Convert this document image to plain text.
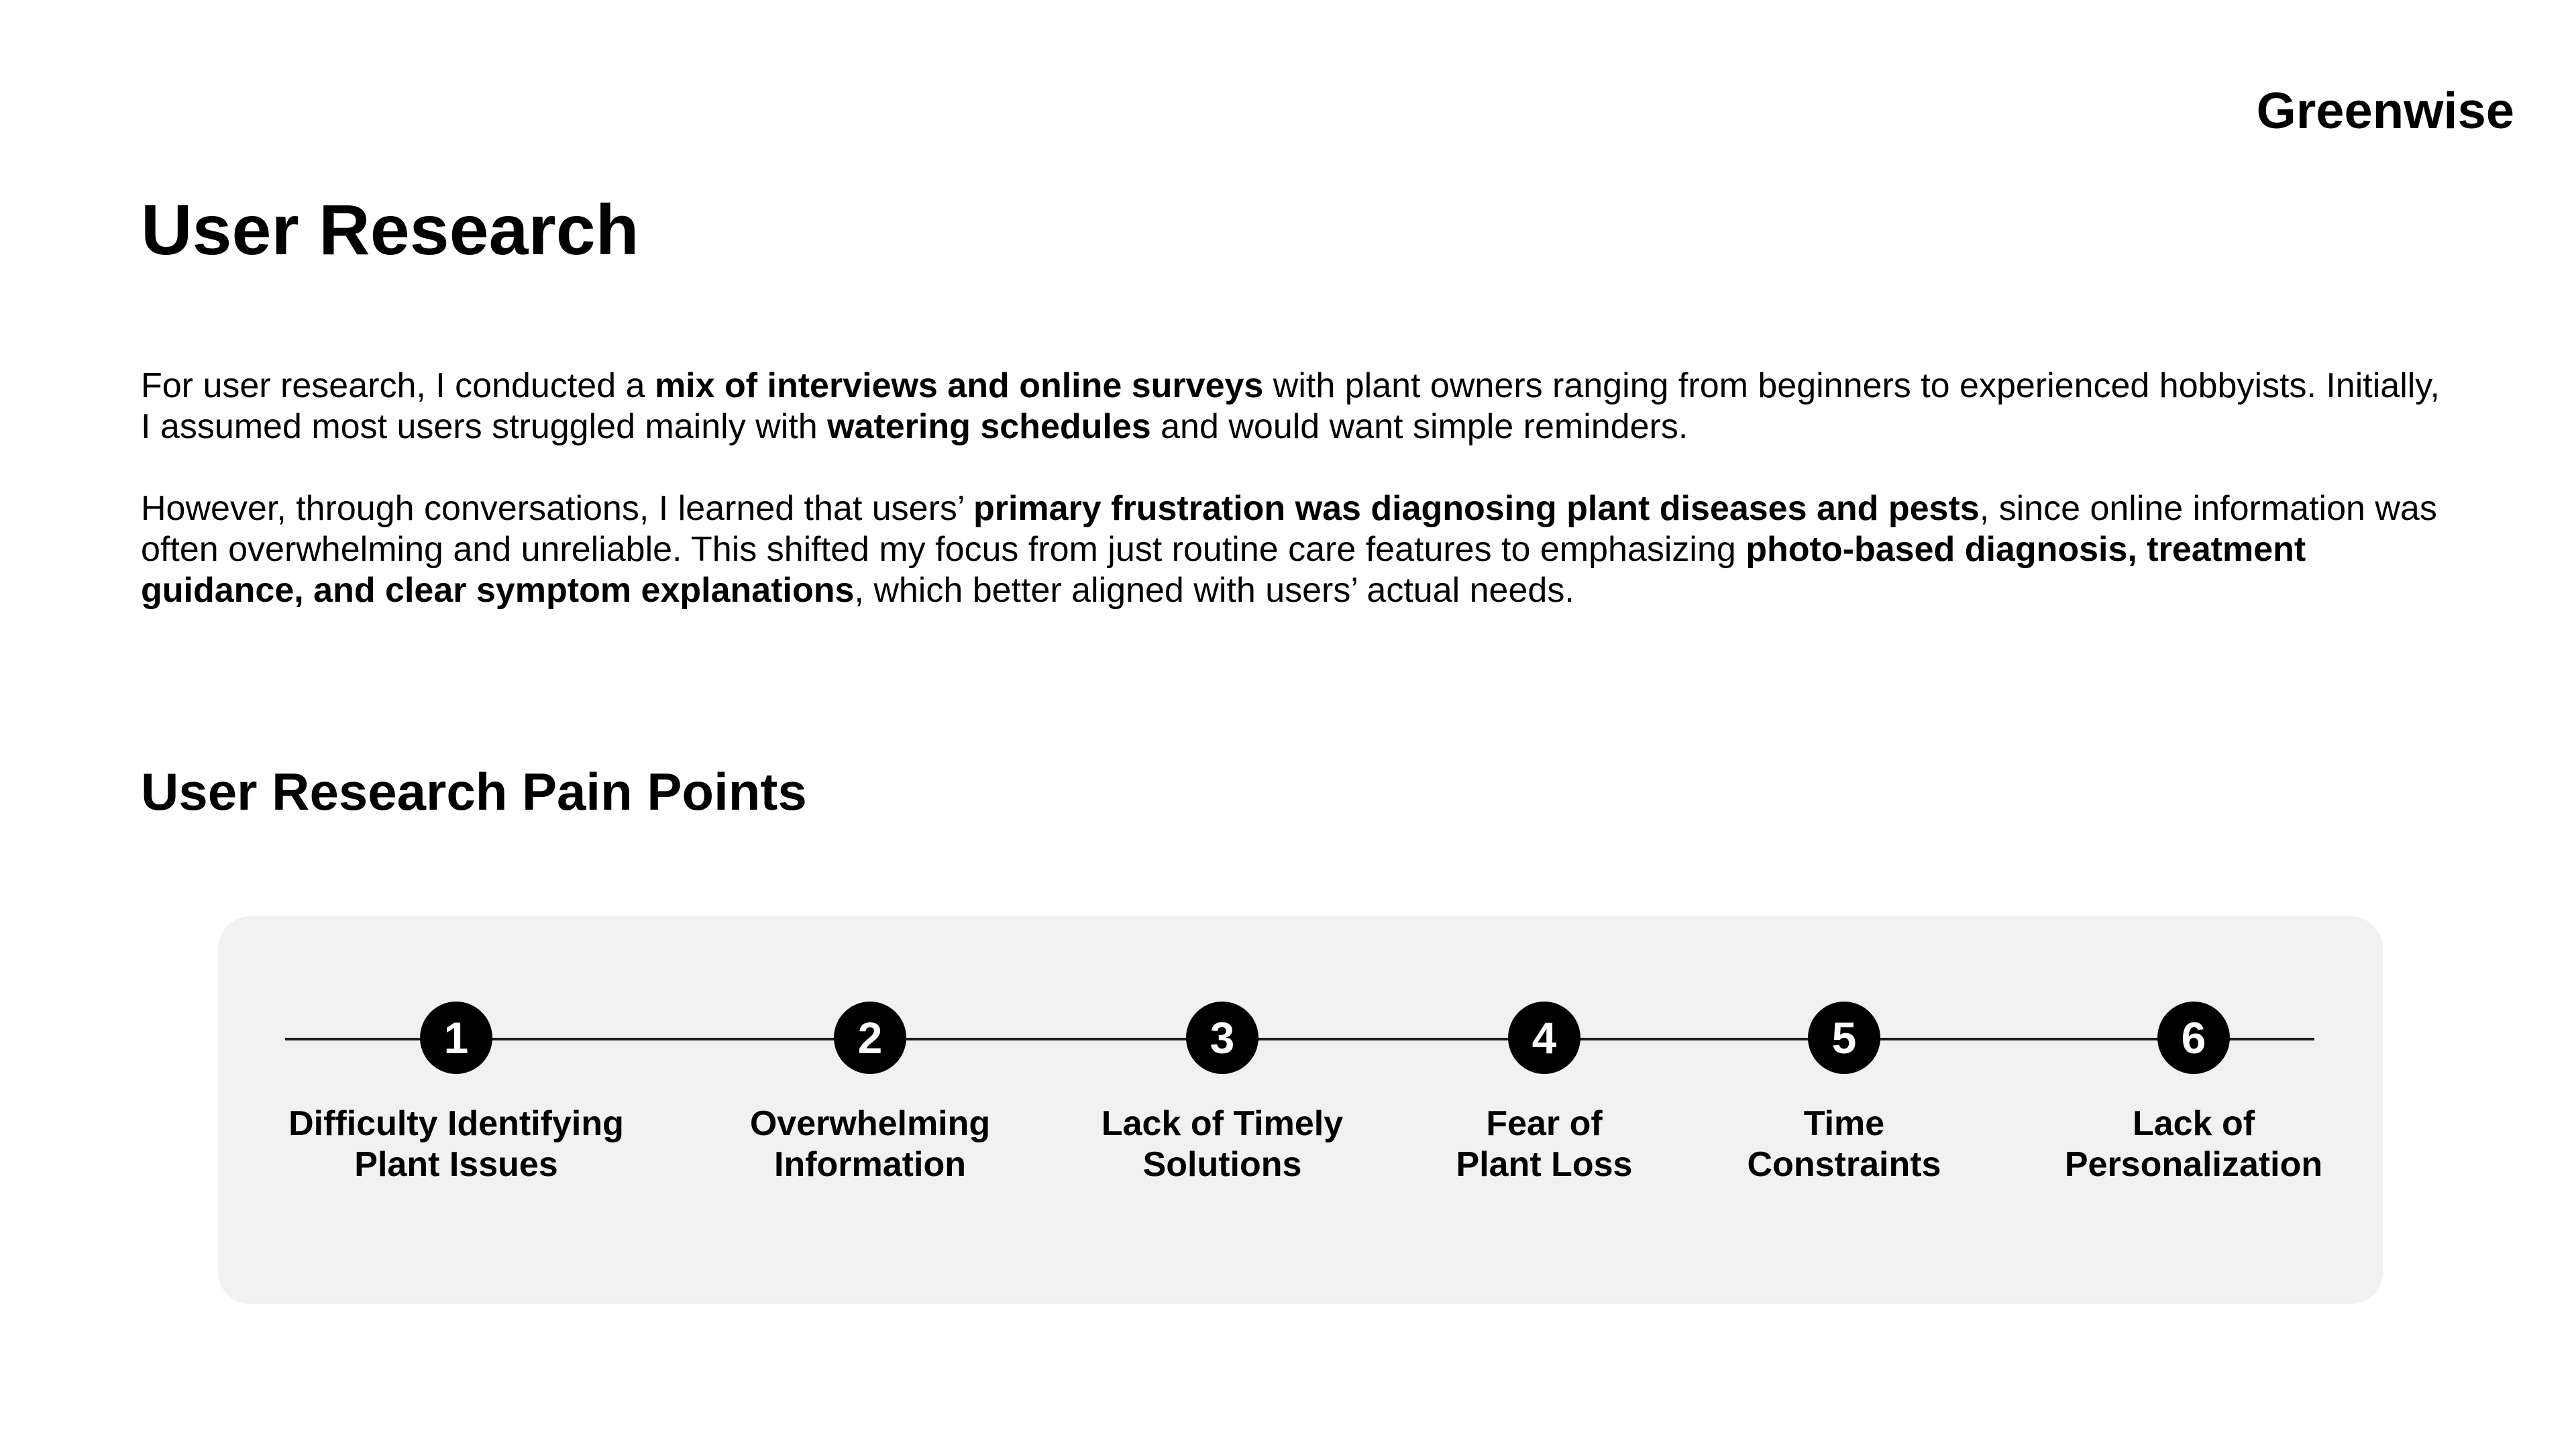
Greenwise
User Research

For user research, I conducted a mix of interviews and online surveys with plant owners ranging from beginners to experienced hobbyists. Initially, I assumed most users struggled mainly with watering schedules and would want simple reminders.

However, through conversations, I learned that users’ primary frustration was diagnosing plant diseases and pests, since online information was often overwhelming and unreliable. This shifted my focus from just routine care features to emphasizing photo-based diagnosis, treatment guidance, and clear symptom explanations, which better aligned with users’ actual needs.

User Research Pain Points
1
Difficulty Identifying
Plant Issues
2
Overwhelming
Information
3
Lack of Timely
Solutions
4
Fear of
Plant Loss
5
Time
Constraints
6
Lack of
Personalization
